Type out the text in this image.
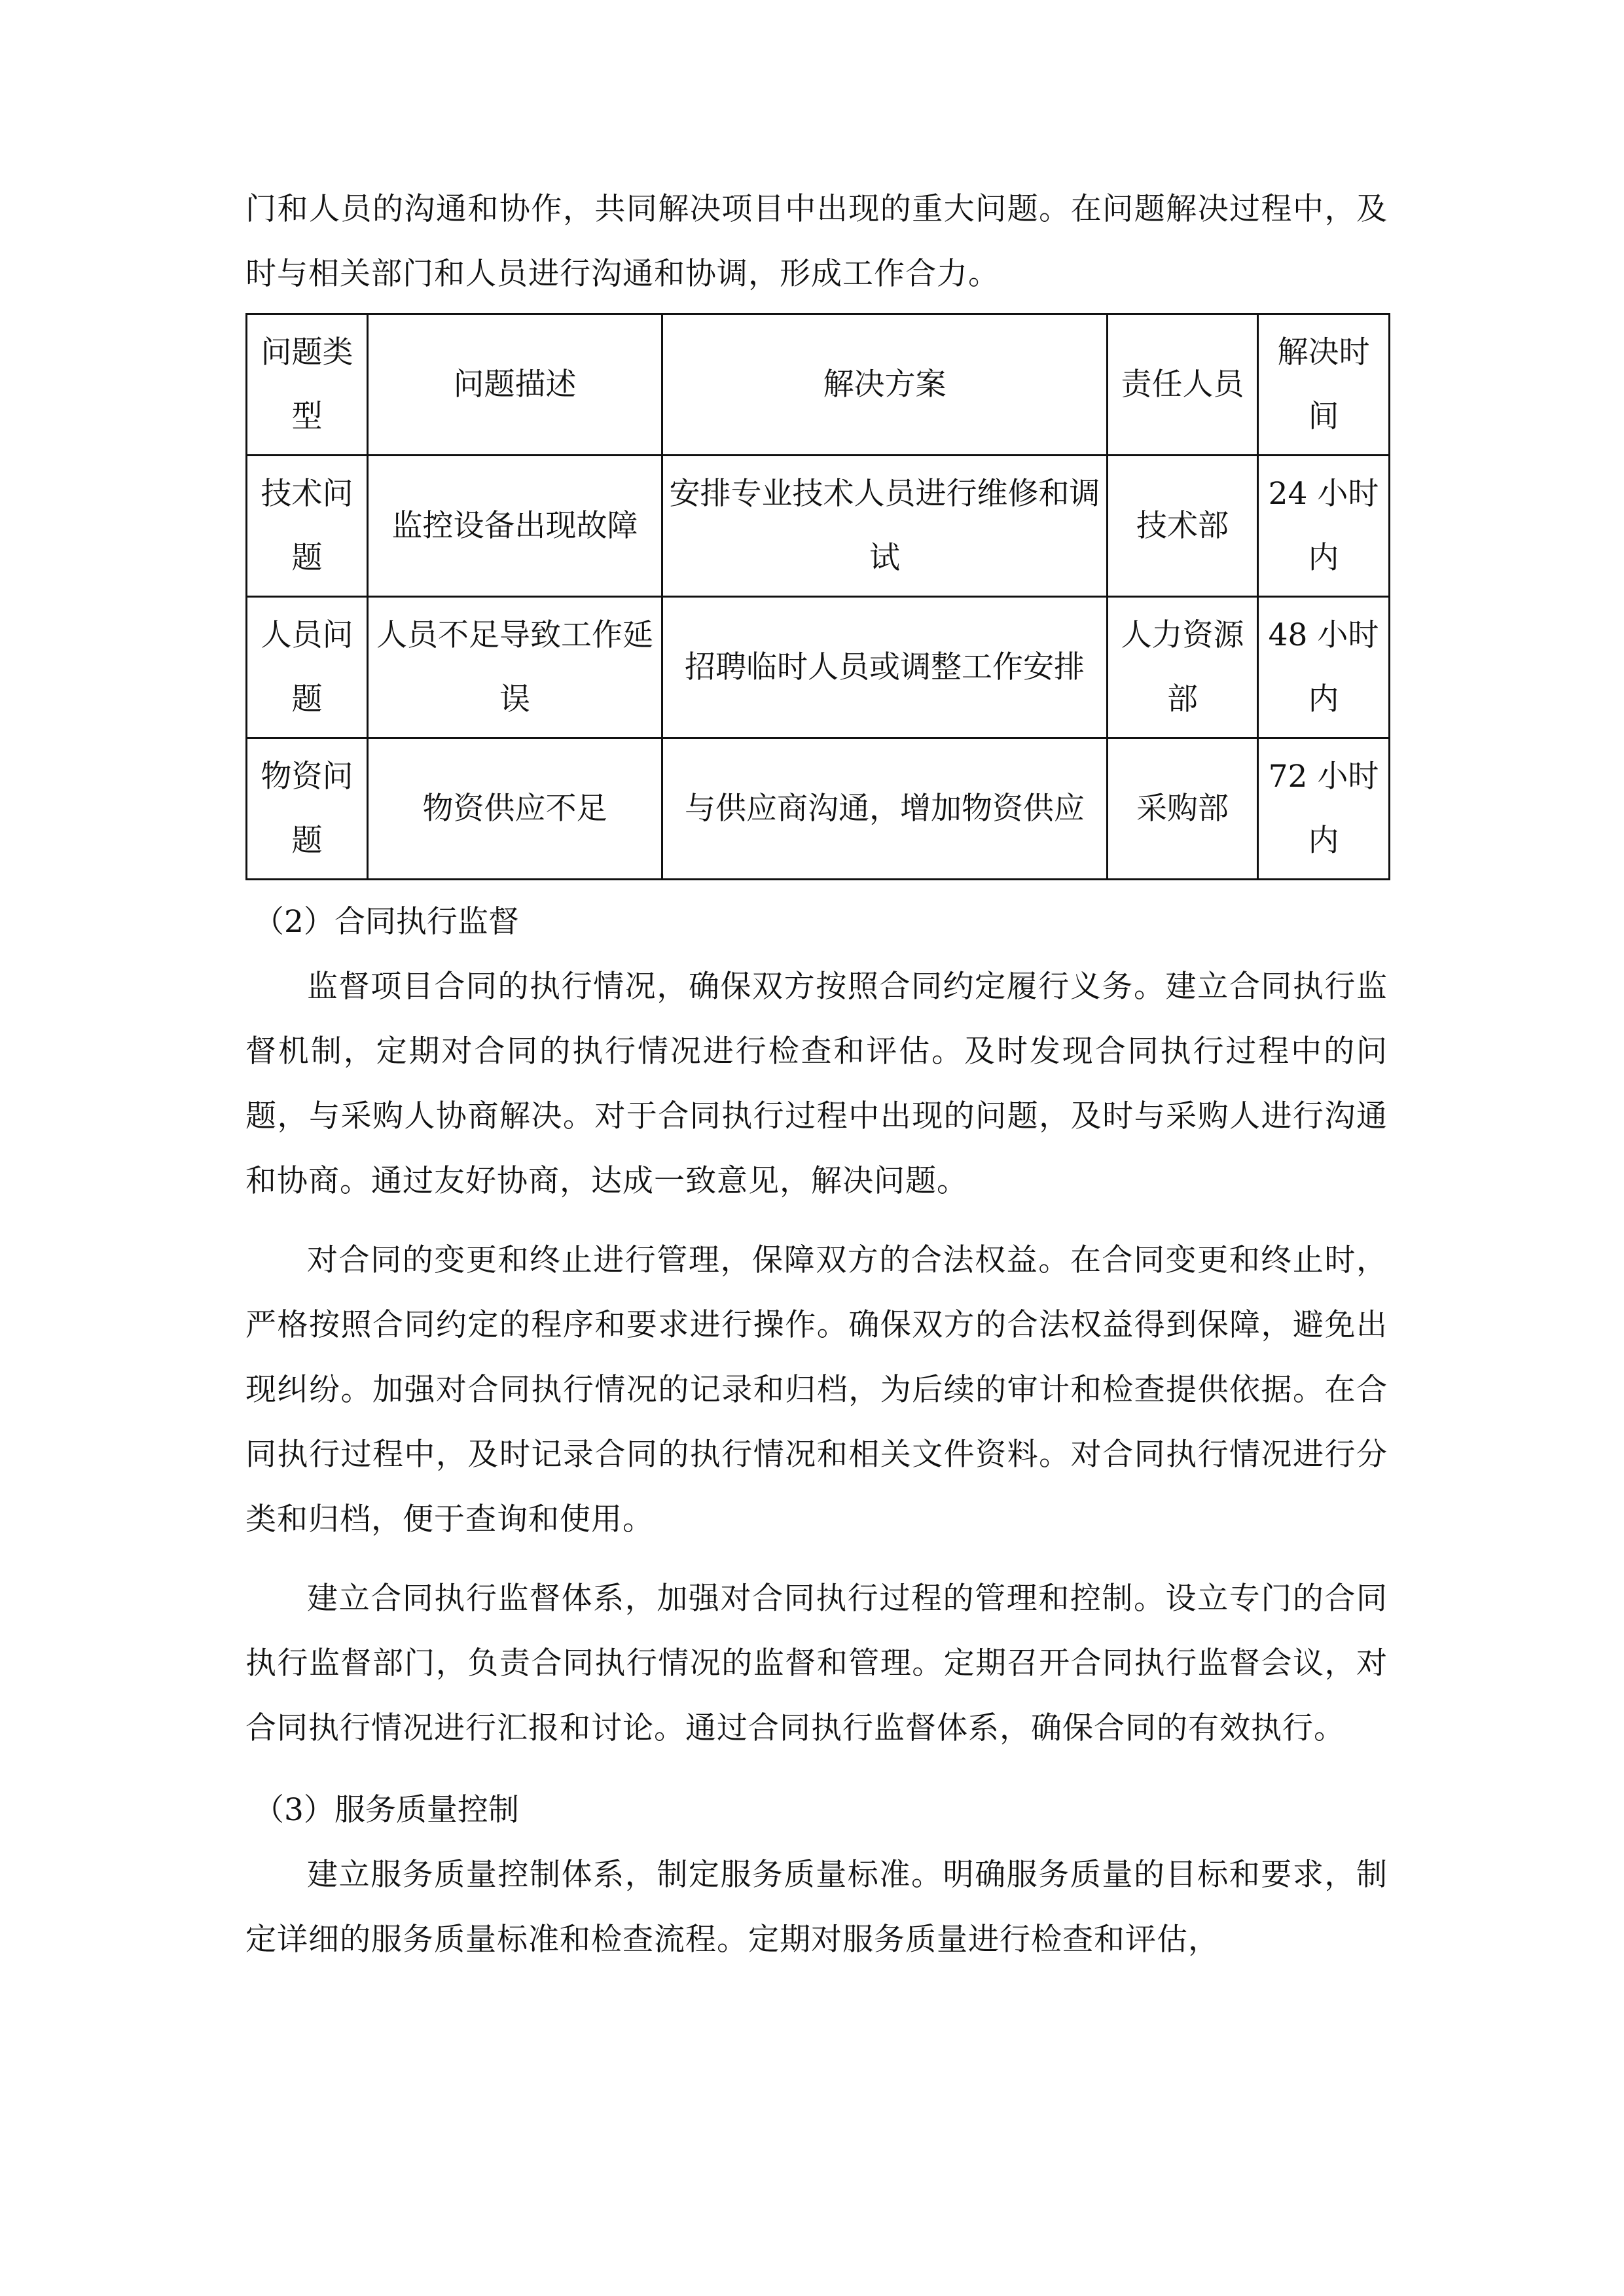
门和人员的沟通和协作，共同解决项目中出现的重大问题。在问题解决过程中，及时与相关部门和人员进行沟通和协调，形成工作合力。

问题类型	问题描述	解决方案	责任人员	解决时间
技术问题	监控设备出现故障	安排专业技术人员进行维修和调试	技术部	24 小时内
人员问题	人员不足导致工作延误	招聘临时人员或调整工作安排	人力资源部	48 小时内
物资问题	物资供应不足	与供应商沟通，增加物资供应	采购部	72 小时内

（2）合同执行监督

监督项目合同的执行情况，确保双方按照合同约定履行义务。建立合同执行监督机制，定期对合同的执行情况进行检查和评估。及时发现合同执行过程中的问题，与采购人协商解决。对于合同执行过程中出现的问题，及时与采购人进行沟通和协商。通过友好协商，达成一致意见，解决问题。

对合同的变更和终止进行管理，保障双方的合法权益。在合同变更和终止时，严格按照合同约定的程序和要求进行操作。确保双方的合法权益得到保障，避免出现纠纷。加强对合同执行情况的记录和归档，为后续的审计和检查提供依据。在合同执行过程中，及时记录合同的执行情况和相关文件资料。对合同执行情况进行分类和归档，便于查询和使用。

建立合同执行监督体系，加强对合同执行过程的管理和控制。设立专门的合同执行监督部门，负责合同执行情况的监督和管理。定期召开合同执行监督会议，对合同执行情况进行汇报和讨论。通过合同执行监督体系，确保合同的有效执行。

（3）服务质量控制

建立服务质量控制体系，制定服务质量标准。明确服务质量的目标和要求，制定详细的服务质量标准和检查流程。定期对服务质量进行检查和评估，
